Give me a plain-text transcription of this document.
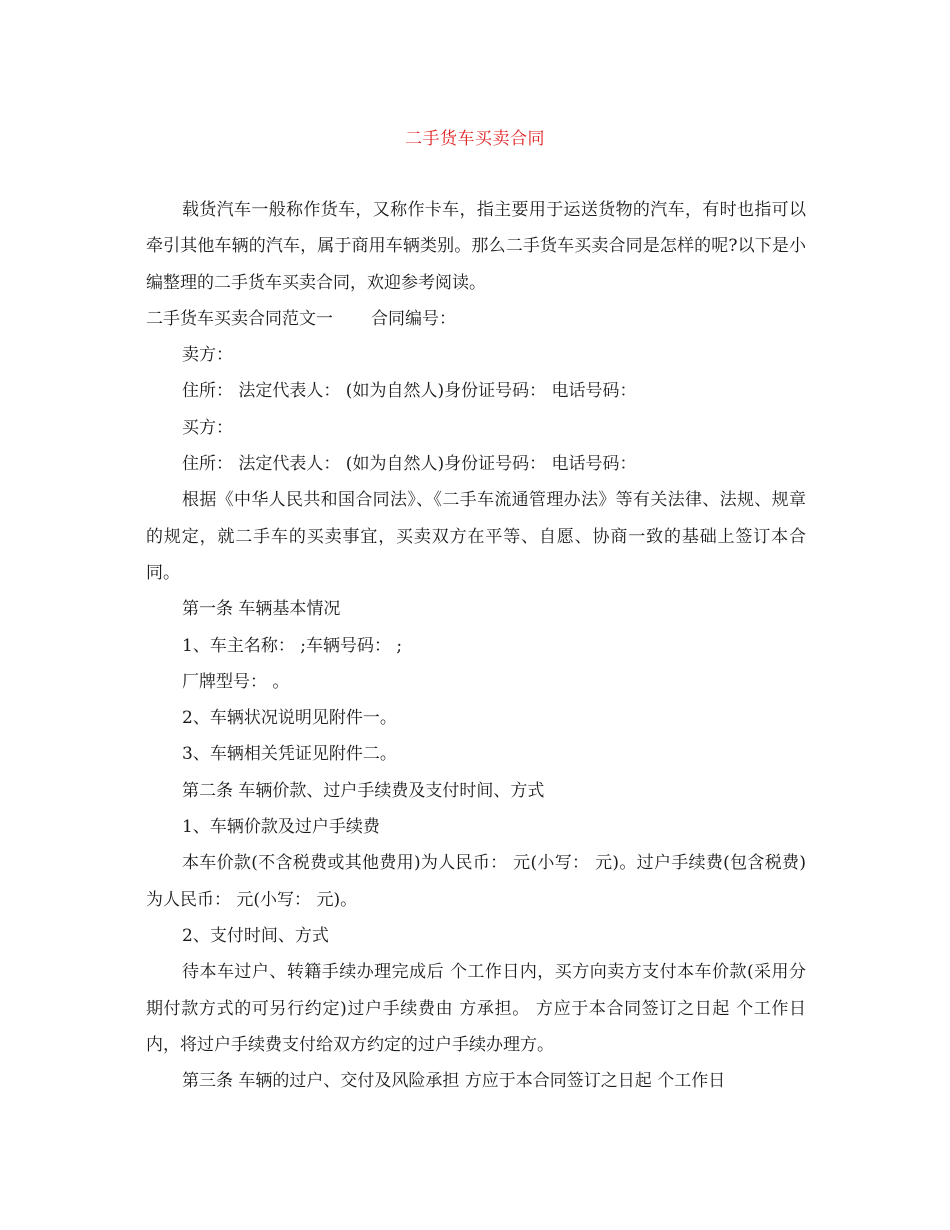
二手货车买卖合同

载货汽车一般称作货车，又称作卡车，指主要用于运送货物的汽车，有时也指可以牵引其他车辆的汽车，属于商用车辆类别。那么二手货车买卖合同是怎样的呢?以下是小编整理的二手货车买卖合同，欢迎参考阅读。

二手货车买卖合同范文一 合同编号：

卖方：

住所： 法定代表人： (如为自然人)身份证号码： 电话号码：

买方：

住所： 法定代表人： (如为自然人)身份证号码： 电话号码：

根据《中华人民共和国合同法》、《二手车流通管理办法》等有关法律、法规、规章的规定，就二手车的买卖事宜，买卖双方在平等、自愿、协商一致的基础上签订本合同。

第一条 车辆基本情况

1、车主名称： ;车辆号码： ;

厂牌型号： 。

2、车辆状况说明见附件一。

3、车辆相关凭证见附件二。

第二条 车辆价款、过户手续费及支付时间、方式

1、车辆价款及过户手续费

本车价款(不含税费或其他费用)为人民币： 元(小写： 元)。过户手续费(包含税费)为人民币： 元(小写： 元)。

2、支付时间、方式

待本车过户、转籍手续办理完成后 个工作日内，买方向卖方支付本车价款(采用分期付款方式的可另行约定)过户手续费由 方承担。 方应于本合同签订之日起 个工作日内，将过户手续费支付给双方约定的过户手续办理方。

第三条 车辆的过户、交付及风险承担 方应于本合同签订之日起 个工作日
